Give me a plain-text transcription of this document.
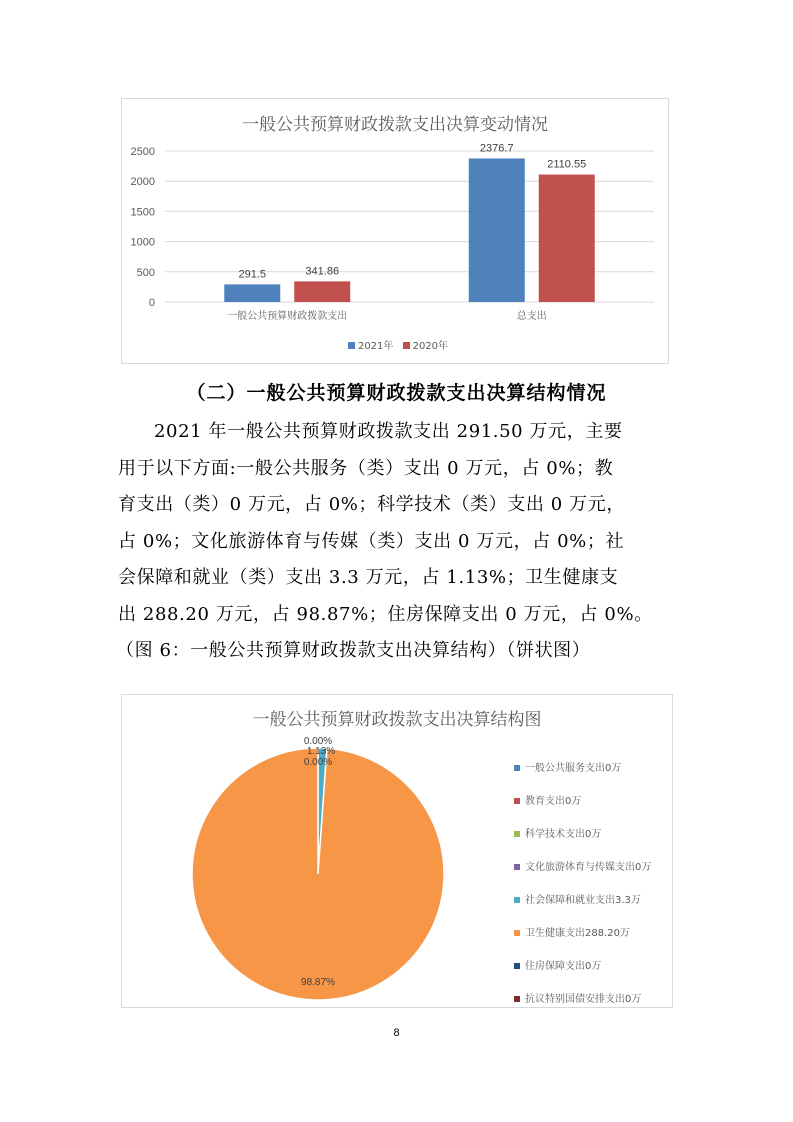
一般公共预算财政拨款支出决算变动情况
0
500
1000
1500
2000
2500
291.5	341.86
一般公共预算财政拨款支出
2376.7
2110.55
总支出
2021年 2020年
（二）一般公共预算财政拨款支出决算结构情况
2021 年一般公共预算财政拨款支出 291.50 万元，主要
用于以下方面:一般公共服务（类）支出 0 万元，占 0%；教
育支出（类）0 万元，占 0%；科学技术（类）支出 0 万元，
占 0%；文化旅游体育与传媒（类）支出 0 万元，占 0%；社
会保障和就业（类）支出 3.3 万元，占 1.13%；卫生健康支
出 288.20 万元，占 98.87%；住房保障支出 0 万元，占 0%。
（图 6：一般公共预算财政拨款支出决算结构）（饼状图）
一般公共预算财政拨款支出决算结构图
0.00%
1.13%
98.87%
0.00%
一般公共服务支出0万
教育支出0万
科学技术支出0万
文化旅游体育与传媒支出0万
社会保障和就业支出3.3万
卫生健康支出288.20万
住房保障支出0万
抗议特别国债安排支出0万
8
